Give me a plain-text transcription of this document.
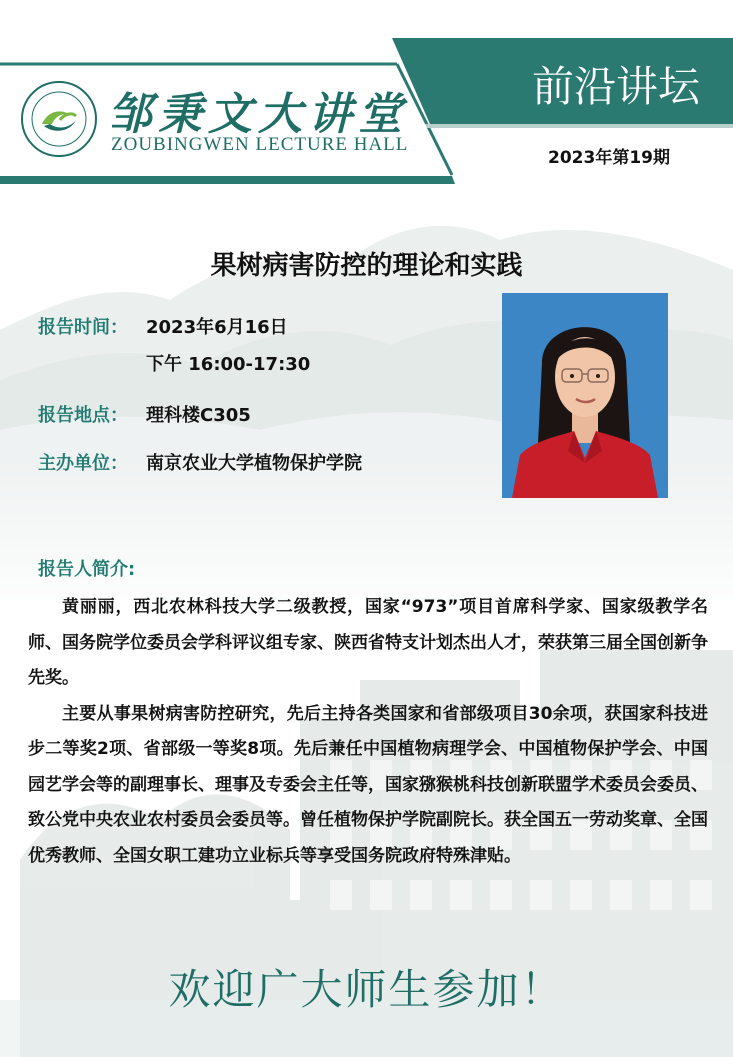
邹秉文大讲堂
ZOUBINGWEN LECTURE HALL
前沿讲坛
2023年第19期
果树病害防控的理论和实践
报告时间： 2023年6月16日
下午 16:00-17:30
报告地点： 理科楼C305
主办单位： 南京农业大学植物保护学院
报告人简介:

黄丽丽，西北农林科技大学二级教授，国家“973”项目首席科学家、国家级教学名师、国务院学位委员会学科评议组专家、陕西省特支计划杰出人才，荣获第三届全国创新争先奖。

主要从事果树病害防控研究，先后主持各类国家和省部级项目30余项，获国家科技进步二等奖2项、省部级一等奖8项。先后兼任中国植物病理学会、中国植物保护学会、中国园艺学会等的副理事长、理事及专委会主任等，国家猕猴桃科技创新联盟学术委员会委员、致公党中央农业农村委员会委员等。曾任植物保护学院副院长。获全国五一劳动奖章、全国优秀教师、全国女职工建功立业标兵等享受国务院政府特殊津贴。

欢迎广大师生参加！
